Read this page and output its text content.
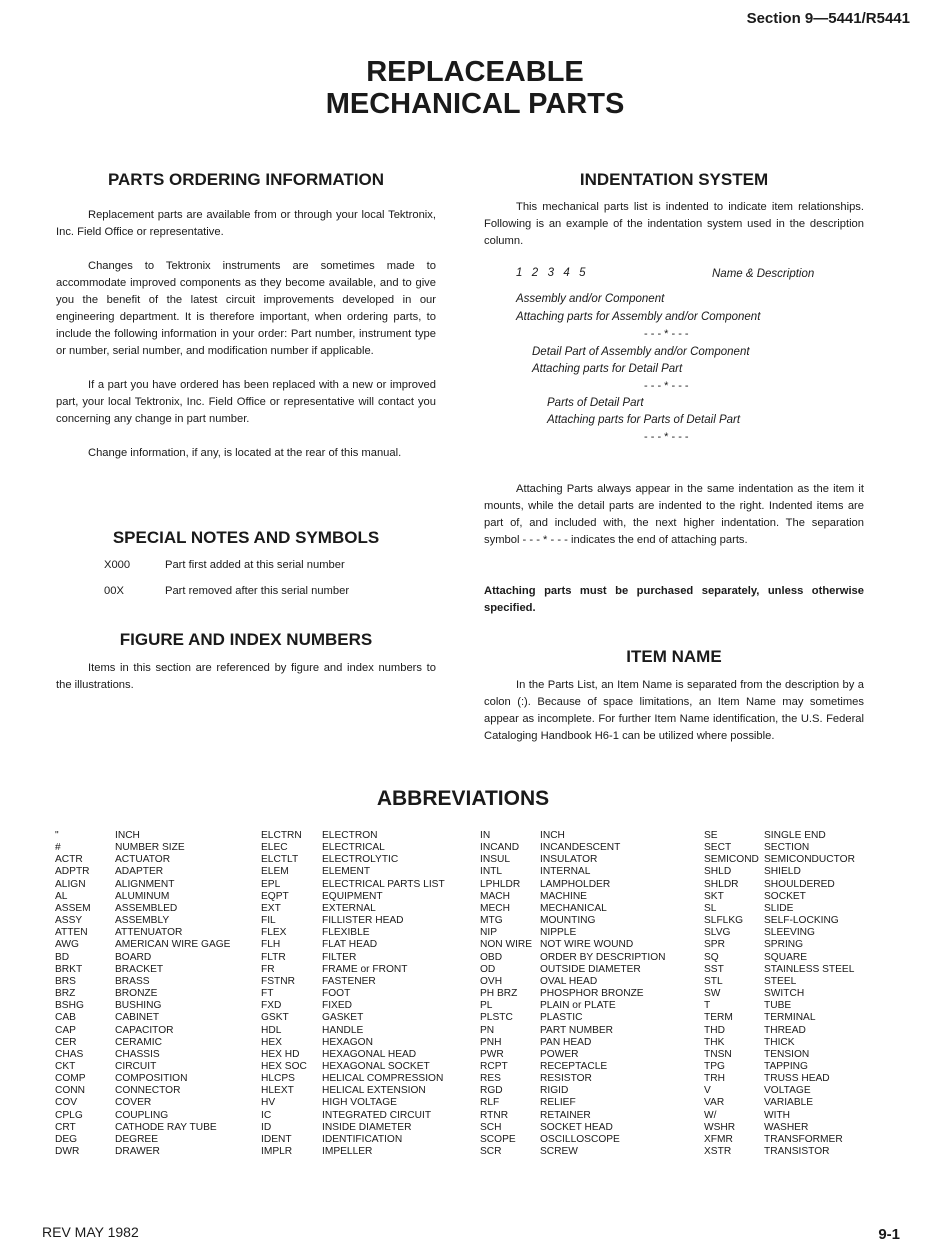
Section 9—5441/R5441
REPLACEABLE
MECHANICAL PARTS
PARTS ORDERING INFORMATION

Replacement parts are available from or through your local Tektronix, Inc. Field Office or representative.

Changes to Tektronix instruments are sometimes made to accommodate improved components as they become available, and to give you the benefit of the latest circuit improvements developed in our engineering department. It is therefore important, when ordering parts, to include the following information in your order: Part number, instrument type or number, serial number, and modification number if applicable.

If a part you have ordered has been replaced with a new or improved part, your local Tektronix, Inc. Field Office or representative will contact you concerning any change in part number.

Change information, if any, is located at the rear of this manual.

SPECIAL NOTES AND SYMBOLS
X000	Part first added at this serial number
00X	Part removed after this serial number
FIGURE AND INDEX NUMBERS

Items in this section are referenced by figure and index numbers to the illustrations.

INDENTATION SYSTEM

This mechanical parts list is indented to indicate item relationships. Following is an example of the indentation system used in the description column.

1  2  3  4  5	Name & Description
Assembly and/or Component
Attaching parts for Assembly and/or Component
- - - * - - -
Detail Part of Assembly and/or Component
Attaching parts for Detail Part
- - - * - - -
Parts of Detail Part
Attaching parts for Parts of Detail Part
- - - * - - -

Attaching Parts always appear in the same indentation as the item it mounts, while the detail parts are indented to the right. Indented items are part of, and included with, the next higher indentation. The separation symbol - - - * - - - indicates the end of attaching parts.

Attaching parts must be purchased separately, unless otherwise specified.

ITEM NAME

In the Parts List, an Item Name is separated from the description by a colon (:). Because of space limitations, an Item Name may sometimes appear as incomplete. For further Item Name identification, the U.S. Federal Cataloging Handbook H6-1 can be utilized where possible.

ABBREVIATIONS
"	INCH
#	NUMBER SIZE
ACTR	ACTUATOR
ADPTR	ADAPTER
ALIGN	ALIGNMENT
AL	ALUMINUM
ASSEM	ASSEMBLED
ASSY	ASSEMBLY
ATTEN	ATTENUATOR
AWG	AMERICAN WIRE GAGE
BD	BOARD
BRKT	BRACKET
BRS	BRASS
BRZ	BRONZE
BSHG	BUSHING
CAB	CABINET
CAP	CAPACITOR
CER	CERAMIC
CHAS	CHASSIS
CKT	CIRCUIT
COMP	COMPOSITION
CONN	CONNECTOR
COV	COVER
CPLG	COUPLING
CRT	CATHODE RAY TUBE
DEG	DEGREE
DWR	DRAWER
ELCTRN	ELECTRON
ELEC	ELECTRICAL
ELCTLT	ELECTROLYTIC
ELEM	ELEMENT
EPL	ELECTRICAL PARTS LIST
EQPT	EQUIPMENT
EXT	EXTERNAL
FIL	FILLISTER HEAD
FLEX	FLEXIBLE
FLH	FLAT HEAD
FLTR	FILTER
FR	FRAME or FRONT
FSTNR	FASTENER
FT	FOOT
FXD	FIXED
GSKT	GASKET
HDL	HANDLE
HEX	HEXAGON
HEX HD	HEXAGONAL HEAD
HEX SOC	HEXAGONAL SOCKET
HLCPS	HELICAL COMPRESSION
HLEXT	HELICAL EXTENSION
HV	HIGH VOLTAGE
IC	INTEGRATED CIRCUIT
ID	INSIDE DIAMETER
IDENT	IDENTIFICATION
IMPLR	IMPELLER
IN	INCH
INCAND	INCANDESCENT
INSUL	INSULATOR
INTL	INTERNAL
LPHLDR	LAMPHOLDER
MACH	MACHINE
MECH	MECHANICAL
MTG	MOUNTING
NIP	NIPPLE
NON WIRE NOT WIRE WOUND
OBD	ORDER BY DESCRIPTION
OD	OUTSIDE DIAMETER
OVH	OVAL HEAD
PH BRZ	PHOSPHOR BRONZE
PL	PLAIN or PLATE
PLSTC	PLASTIC
PN	PART NUMBER
PNH	PAN HEAD
PWR	POWER
RCPT	RECEPTACLE
RES	RESISTOR
RGD	RIGID
RLF	RELIEF
RTNR	RETAINER
SCH	SOCKET HEAD
SCOPE	OSCILLOSCOPE
SCR	SCREW
SE	SINGLE END
SECT	SECTION
SEMICOND SEMICONDUCTOR
SHLD	SHIELD
SHLDR	SHOULDERED
SKT	SOCKET
SL	SLIDE
SLFLKG	SELF-LOCKING
SLVG	SLEEVING
SPR	SPRING
SQ	SQUARE
SST	STAINLESS STEEL
STL	STEEL
SW	SWITCH
T	TUBE
TERM	TERMINAL
THD	THREAD
THK	THICK
TNSN	TENSION
TPG	TAPPING
TRH	TRUSS HEAD
V	VOLTAGE
VAR	VARIABLE
W/	WITH
WSHR	WASHER
XFMR	TRANSFORMER
XSTR	TRANSISTOR
REV MAY 1982	9-1
